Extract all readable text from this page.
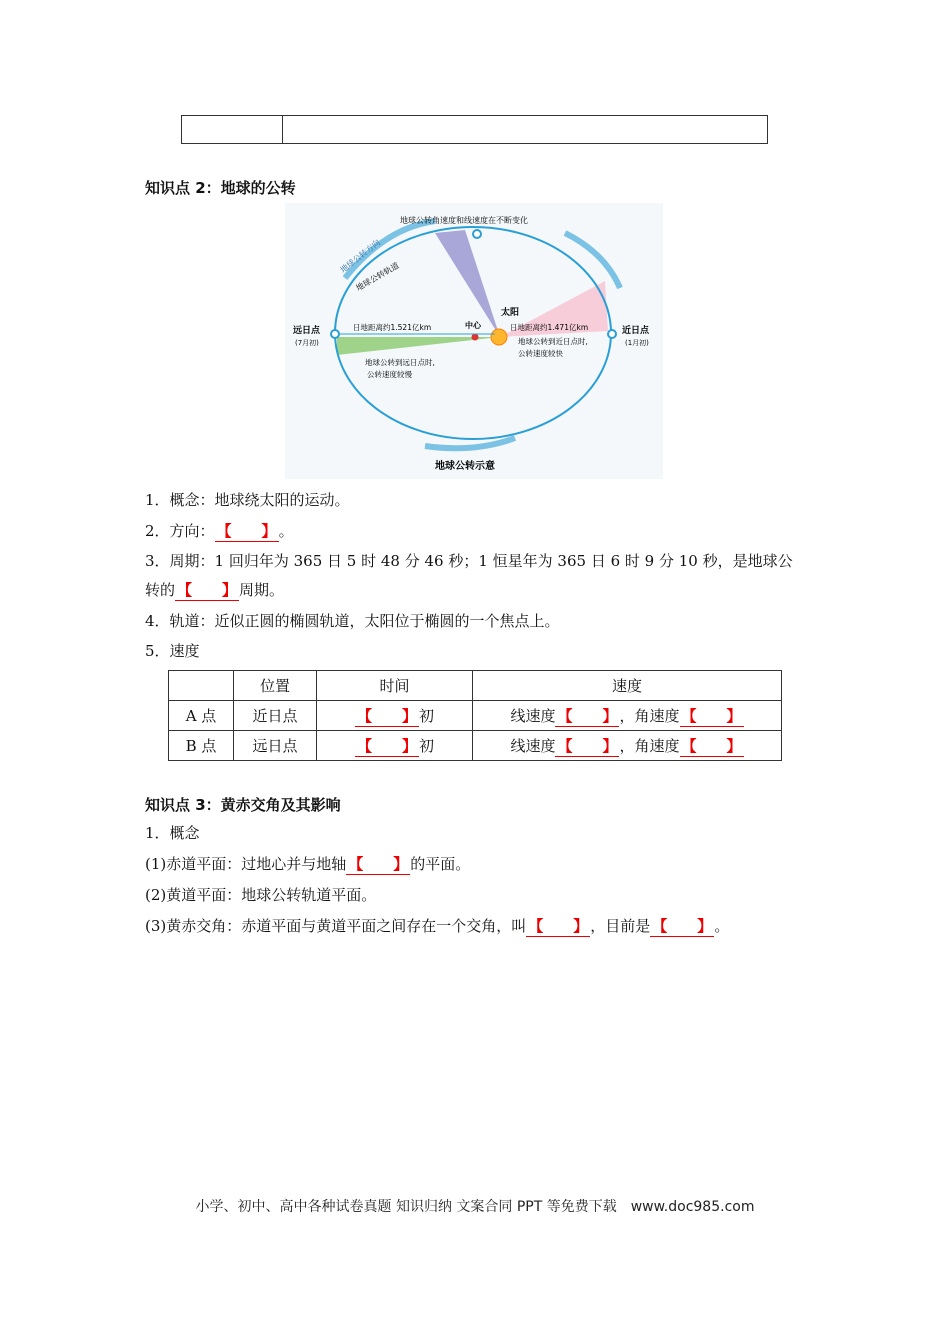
知识点 2：地球的公转
地球公转角速度和线速度在不断变化
地球公转方向
地球公转轨道
远日点
(7月初)
近日点
(1月初)
日地距离约1.521亿km	日地距离约1.471亿km
中心
太阳
地球公转到远日点时,
公转速度较慢
地球公转到近日点时,
公转速度较快
地球公转示意
1．概念：地球绕太阳的运动。
2．方向： 【　　】 。
3．周期：1 回归年为 365 日 5 时 48 分 46 秒；1 恒星年为 365 日 6 时 9 分 10 秒，是地球公
转的 【　　】 周期。
4．轨道：近似正圆的椭圆轨道，太阳位于椭圆的一个焦点上。
5．速度
	位置	时间	速度
A 点	近日点	【　　】 初	线速度 【　　】 ，角速度 【　　】
B 点	远日点	【　　】 初	线速度 【　　】 ，角速度 【　　】
知识点 3：黄赤交角及其影响
1．概念
(1)赤道平面：过地心并与地轴 【　　】 的平面。
(2)黄道平面：地球公转轨道平面。
(3)黄赤交角：赤道平面与黄道平面之间存在一个交角，叫 【　　】 ，目前是 【　　】 。
小学、初中、高中各种试卷真题 知识归纳 文案合同 PPT 等免费下载　www.doc985.com
